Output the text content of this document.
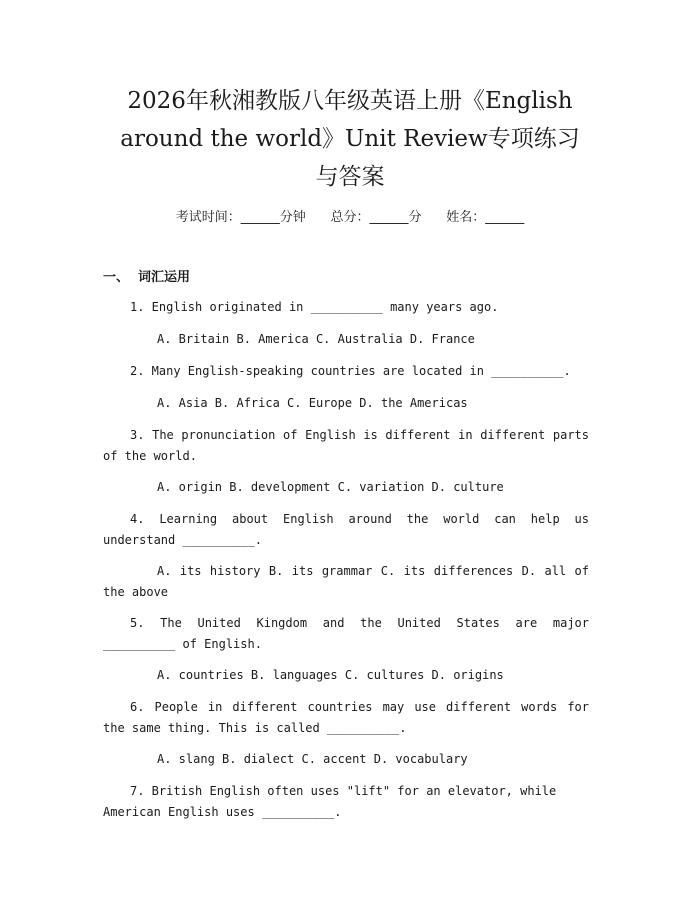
2026年秋湘教版八年级英语上册《English
around the world》Unit Review专项练习
与答案
考试时间：______分钟      总分：______分      姓名：______
一、  词汇运用
1. English originated in __________ many years ago.
A. Britain B. America C. Australia D. France
2. Many English-speaking countries are located in __________.
A. Asia B. Africa C. Europe D. the Americas
3. The pronunciation of English is different in different parts of the world.
A. origin B. development C. variation D. culture
4. Learning about English around the world can help us understand __________.
A. its history B. its grammar C. its differences D. all of the above
5. The United Kingdom and the United States are major __________ of English.
A. countries B. languages C. cultures D. origins
6. People in different countries may use different words for the same thing. This is called __________.
A. slang B. dialect C. accent D. vocabulary
7. British English often uses "lift" for an elevator, while American English uses __________.
